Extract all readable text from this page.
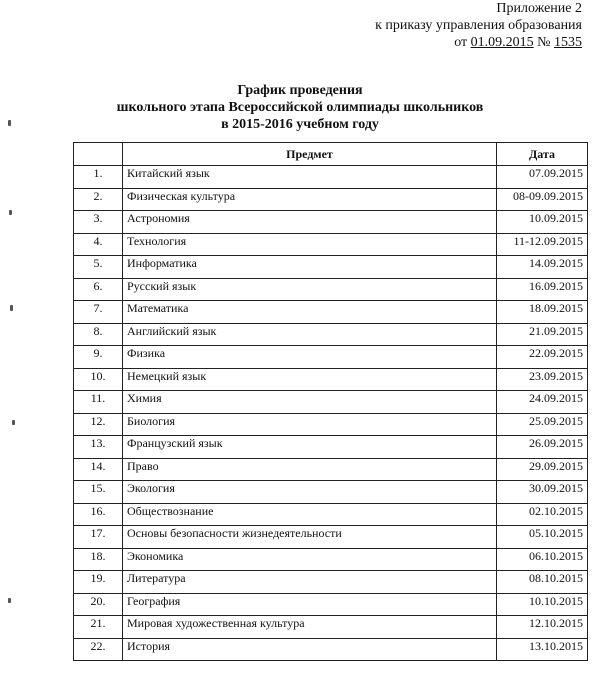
Приложение 2
к приказу управления образования
от 01.09.2015 № 1535
График проведения
школьного этапа Всероссийской олимпиады школьников
в 2015-2016 учебном году
	Предмет	Дата
1.	Китайский язык	07.09.2015
2.	Физическая культура	08-09.09.2015
3.	Астрономия	10.09.2015
4.	Технология	11-12.09.2015
5.	Информатика	14.09.2015
6.	Русский язык	16.09.2015
7.	Математика	18.09.2015
8.	Английский язык	21.09.2015
9.	Физика	22.09.2015
10.	Немецкий язык	23.09.2015
11.	Химия	24.09.2015
12.	Биология	25.09.2015
13.	Французский язык	26.09.2015
14.	Право	29.09.2015
15.	Экология	30.09.2015
16.	Обществознание	02.10.2015
17.	Основы безопасности жизнедеятельности	05.10.2015
18.	Экономика	06.10.2015
19.	Литература	08.10.2015
20.	География	10.10.2015
21.	Мировая художественная культура	12.10.2015
22.	История	13.10.2015
